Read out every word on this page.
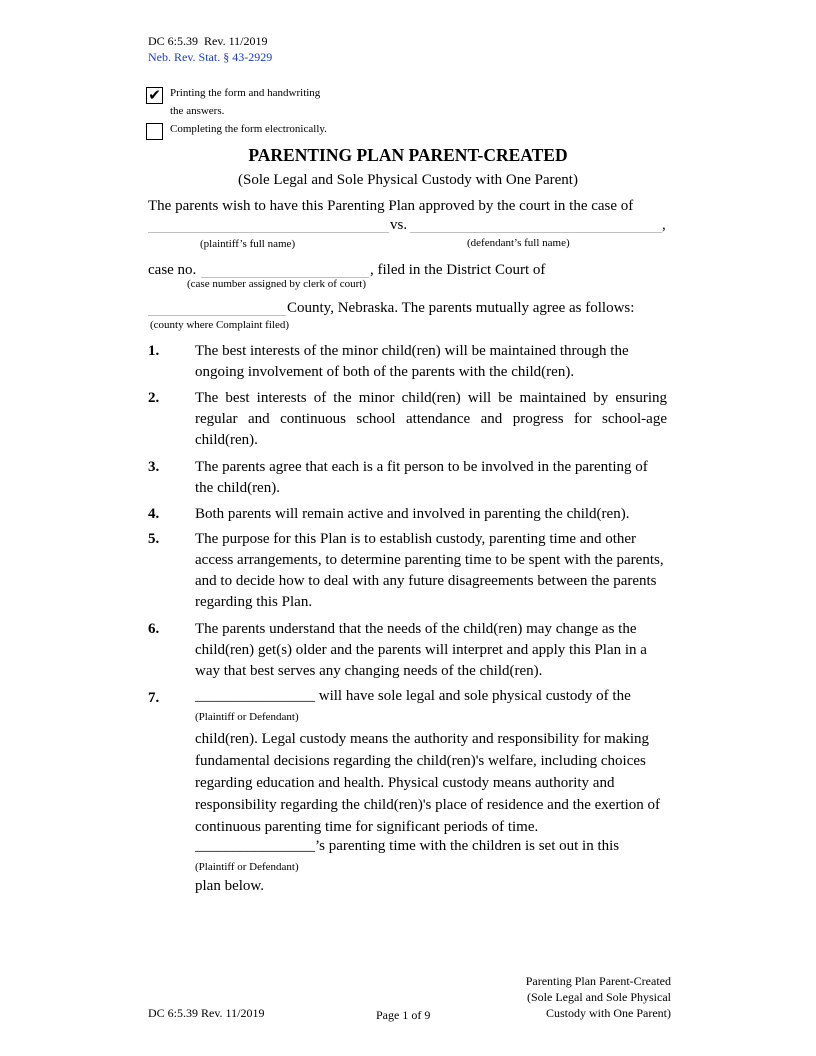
DC 6:5.39 Rev. 11/2019
Neb. Rev. Stat. § 43-2929
✔ Printing the form and handwriting
the answers.
Completing the form electronically.
PARENTING PLAN PARENT-CREATED
(Sole Legal and Sole Physical Custody with One Parent)
The parents wish to have this Parenting Plan approved by the court in the case of
vs.	,
(plaintiff’s full name)	(defendant’s full name)
case no.	, filed in the District Court of
(case number assigned by clerk of court)
County, Nebraska. The parents mutually agree as follows:
(county where Complaint filed)
1. The best interests of the minor child(ren) will be maintained through the ongoing involvement of both of the parents with the child(ren).
2. The best interests of the minor child(ren) will be maintained by ensuring regular and continuous school attendance and progress for school-age child(ren).
3. The parents agree that each is a fit person to be involved in the parenting of the child(ren).
4. Both parents will remain active and involved in parenting the child(ren).
5. The purpose for this Plan is to establish custody, parenting time and other access arrangements, to determine parenting time to be spent with the parents, and to decide how to deal with any future disagreements between the parents regarding this Plan.
6. The parents understand that the needs of the child(ren) may change as the child(ren) get(s) older and the parents will interpret and apply this Plan in a way that best serves any changing needs of the child(ren).
7. ________________ will have sole legal and sole physical custody of the
(Plaintiff or Defendant)
child(ren). Legal custody means the authority and responsibility for making fundamental decisions regarding the child(ren)'s welfare, including choices regarding education and health. Physical custody means authority and responsibility regarding the child(ren)'s place of residence and the exertion of continuous parenting time for significant periods of time.
________________’s parenting time with the children is set out in this
(Plaintiff or Defendant)
plan below.
DC 6:5.39 Rev. 11/2019	Page 1 of 9
Parenting Plan Parent-Created
(Sole Legal and Sole Physical
Custody with One Parent)
